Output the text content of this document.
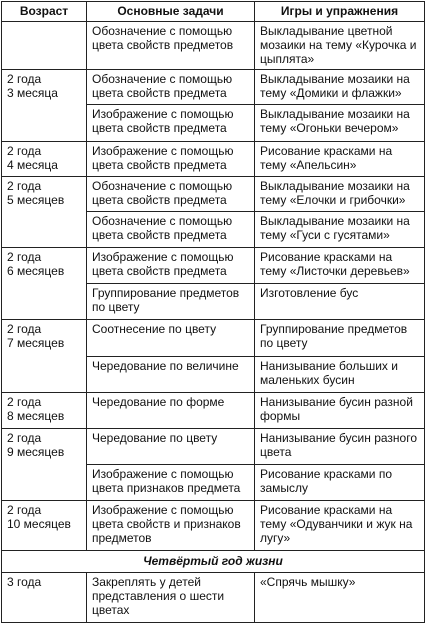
Возраст	Основные задачи	Игры и упражнения
	Обозначение с помощью цвета свойств предметов	Выкладывание цветной мозаики на тему «Курочка и цыплята»

2 года
3 месяца	Обозначение с помощью цвета свойств предмета	Выкладывание мозаики на тему «Домики и флажки»
	Изображение с помощью цвета свойств предмета	Выкладывание мозаики на тему «Огоньки вечером»

2 года
4 месяца	Изображение с помощью цвета свойств предмета	Рисование красками на тему «Апельсин»

2 года
5 месяцев	Обозначение с помощью цвета свойств предмета	Выкладывание мозаики на тему «Елочки и грибочки»
	Обозначение с помощью цвета свойств предмета	Выкладывание мозаики на тему «Гуси с гусятами»

2 года
6 месяцев	Изображение с помощью цвета свойств предмета	Рисование красками на тему «Листочки деревьев»
	Группирование предметов по цвету	Изготовление бус

2 года
7 месяцев	Соотнесение по цвету	Группирование предметов по цвету
	Чередование по величине	Нанизывание больших и маленьких бусин

2 года
8 месяцев	Чередование по форме	Нанизывание бусин разной формы

2 года
9 месяцев	Чередование по цвету	Нанизывание бусин разного цвета
	Изображение с помощью цвета признаков предмета	Рисование красками по замыслу

2 года
10 месяцев	Изображение с помощью цвета свойств и признаков предметов	Рисование красками на тему «Одуванчики и жук на лугу»
Четвёртый год жизни		
3 года	Закреплять у детей представления о шести цветах	«Спрячь мышку»
